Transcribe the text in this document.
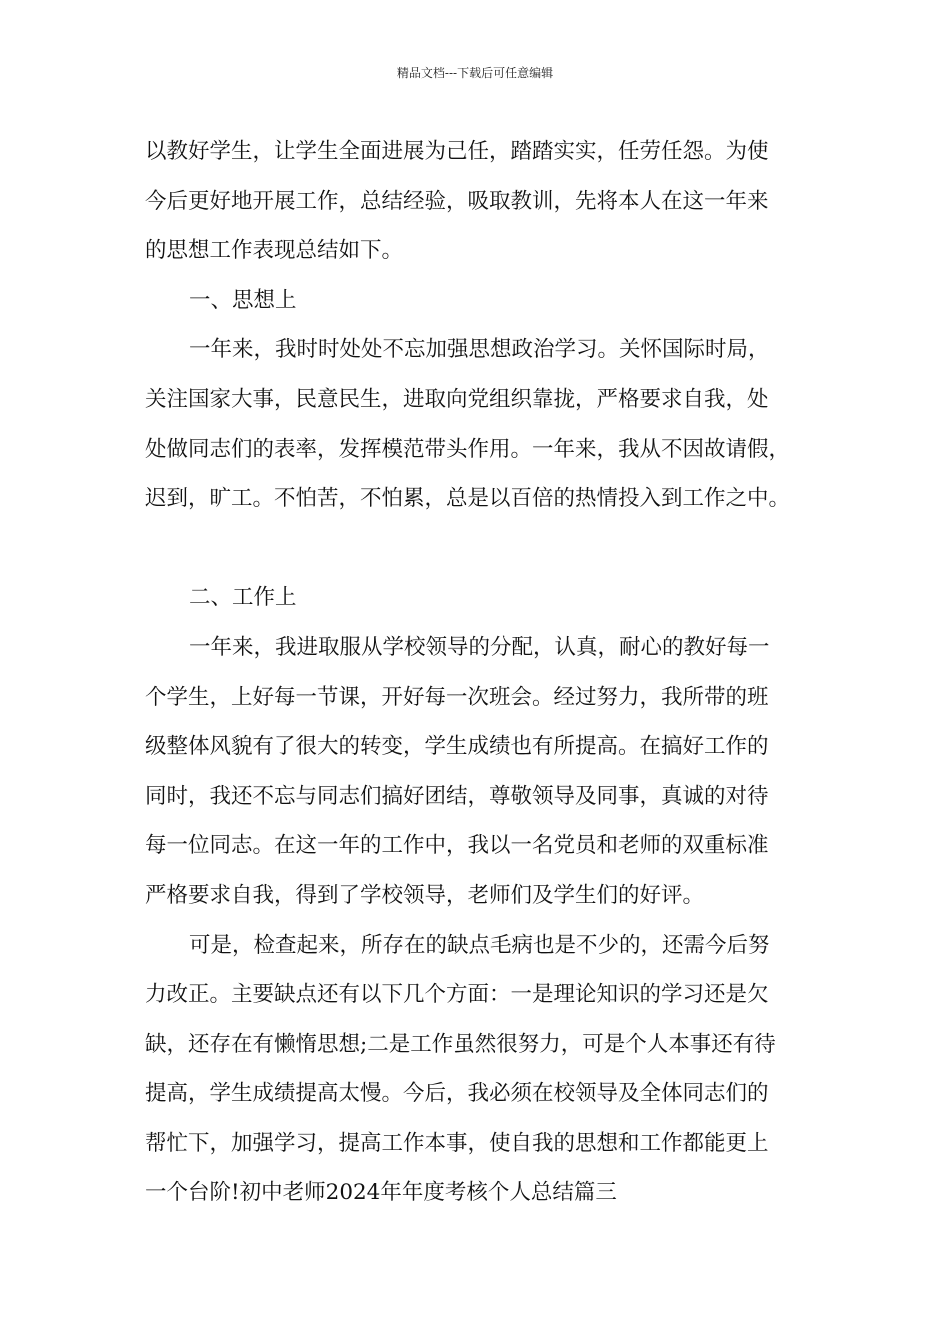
精品文档---下载后可任意编辑
以教好学生，让学生全面进展为己任，踏踏实实，任劳任怨。为使
今后更好地开展工作，总结经验，吸取教训，先将本人在这一年来
的思想工作表现总结如下。
一、思想上
一年来，我时时处处不忘加强思想政治学习。关怀国际时局，
关注国家大事，民意民生，进取向党组织靠拢，严格要求自我，处
处做同志们的表率，发挥模范带头作用。一年来，我从不因故请假，
迟到，旷工。不怕苦，不怕累，总是以百倍的热情投入到工作之中。
二、工作上
一年来，我进取服从学校领导的分配，认真，耐心的教好每一
个学生，上好每一节课，开好每一次班会。经过努力，我所带的班
级整体风貌有了很大的转变，学生成绩也有所提高。在搞好工作的
同时，我还不忘与同志们搞好团结，尊敬领导及同事，真诚的对待
每一位同志。在这一年的工作中，我以一名党员和老师的双重标准
严格要求自我，得到了学校领导，老师们及学生们的好评。
可是，检查起来，所存在的缺点毛病也是不少的，还需今后努
力改正。主要缺点还有以下几个方面：一是理论知识的学习还是欠
缺，还存在有懒惰思想;二是工作虽然很努力，可是个人本事还有待
提高，学生成绩提高太慢。今后，我必须在校领导及全体同志们的
帮忙下，加强学习，提高工作本事，使自我的思想和工作都能更上
一个台阶!初中老师2024年年度考核个人总结篇三
